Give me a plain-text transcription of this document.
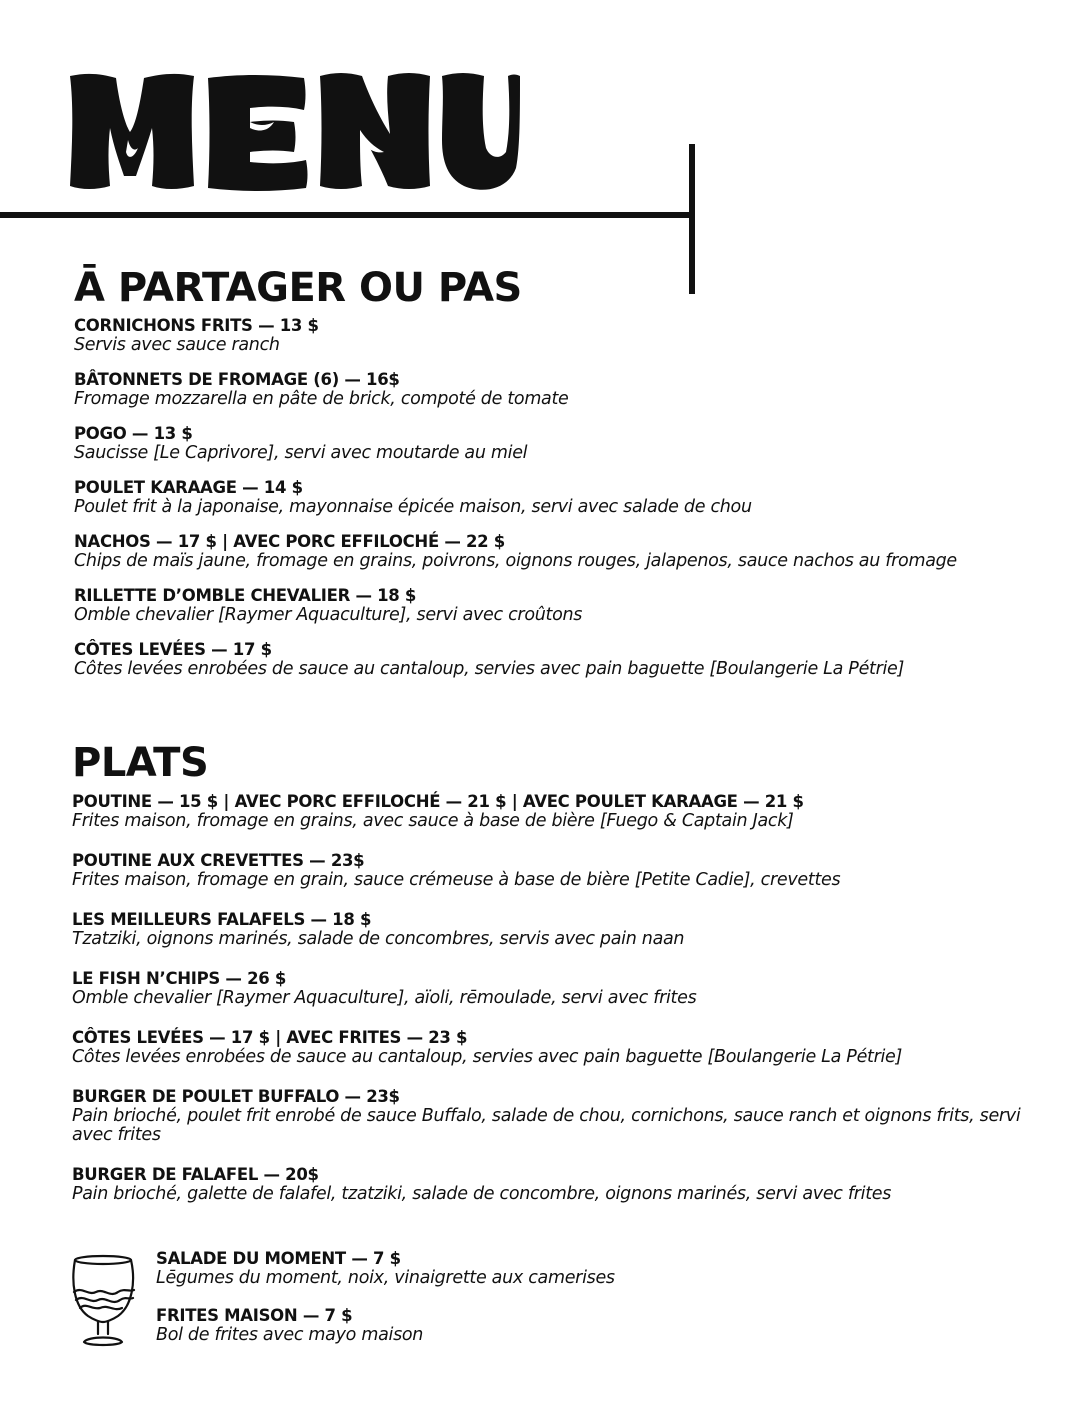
Ā PARTAGER OU PAS
CORNICHONS FRITS — 13 $
Servis avec sauce ranch
BÂTONNETS DE FROMAGE (6) — 16$
Fromage mozzarella en pâte de brick, compoté de tomate
POGO — 13 $
Saucisse [Le Caprivore], servi avec moutarde au miel
POULET KARAAGE — 14 $
Poulet frit à la japonaise, mayonnaise épicée maison, servi avec salade de chou
NACHOS — 17 $ | AVEC PORC EFFILOCHÉ — 22 $
Chips de maïs jaune, fromage en grains, poivrons, oignons rouges, jalapenos, sauce nachos au fromage
RILLETTE D’OMBLE CHEVALIER — 18 $
Omble chevalier [Raymer Aquaculture], servi avec croûtons
CÔTES LEVÉES — 17 $
Côtes levées enrobées de sauce au cantaloup, servies avec pain baguette [Boulangerie La Pétrie]
PLATS
POUTINE — 15 $ | AVEC PORC EFFILOCHÉ — 21 $ | AVEC POULET KARAAGE — 21 $
Frites maison, fromage en grains, avec sauce à base de bière [Fuego & Captain Jack]
POUTINE AUX CREVETTES — 23$
Frites maison, fromage en grain, sauce crémeuse à base de bière [Petite Cadie], crevettes
LES MEILLEURS FALAFELS — 18 $
Tzatziki, oignons marinés, salade de concombres, servis avec pain naan
LE FISH N’CHIPS — 26 $
Omble chevalier [Raymer Aquaculture], aïoli, rēmoulade, servi avec frites
CÔTES LEVÉES — 17 $ | AVEC FRITES — 23 $
Côtes levées enrobées de sauce au cantaloup, servies avec pain baguette [Boulangerie La Pétrie]
BURGER DE POULET BUFFALO — 23$
Pain brioché, poulet frit enrobé de sauce Buffalo, salade de chou, cornichons, sauce ranch et oignons frits, servi avec frites
BURGER DE FALAFEL — 20$
Pain brioché, galette de falafel, tzatziki, salade de concombre, oignons marinés, servi avec frites
SALADE DU MOMENT — 7 $
Lēgumes du moment, noix, vinaigrette aux camerises
FRITES MAISON — 7 $
Bol de frites avec mayo maison
